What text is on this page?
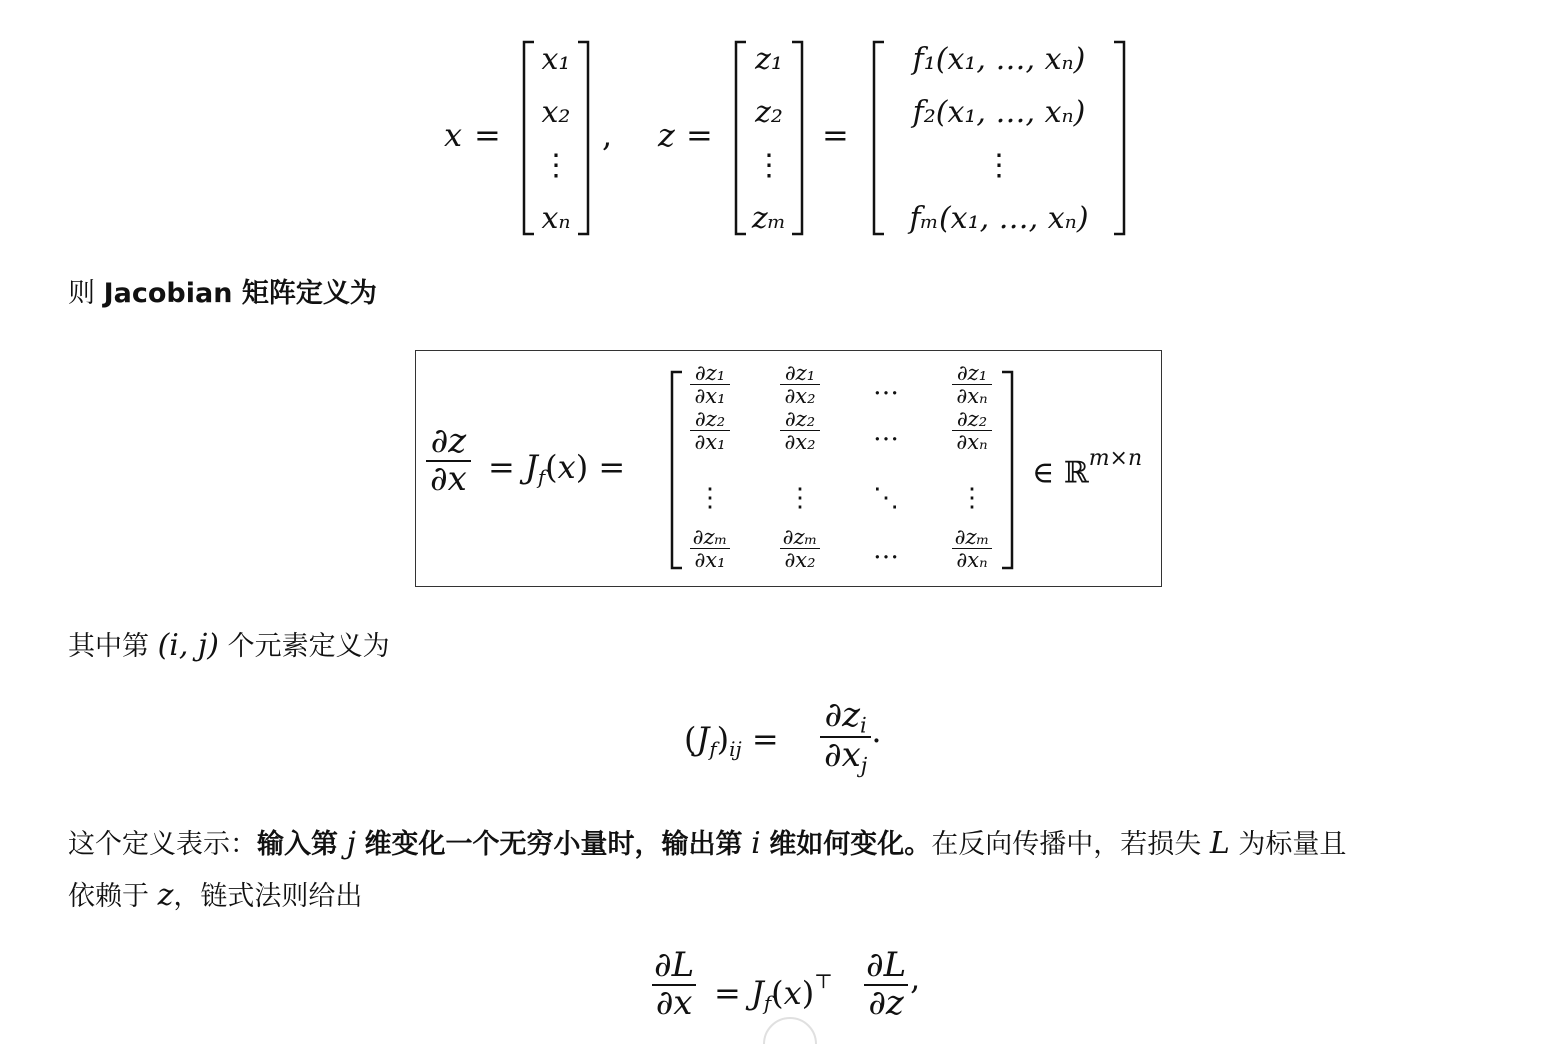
x =
x₁
x₂
⋮
xₙ
, z =
z₁
z₂
⋮
zₘ
=
f₁(x₁, …, xₙ)
f₂(x₁, …, xₙ)
⋮
fₘ(x₁, …, xₙ)
则 Jacobian 矩阵定义为
$\frac{\partial z}{\partial x} = J_f(x)$ =
$\frac{\text{∂z₁}}{\text{∂x₁}} \frac{\text{∂z₁}}{\text{∂x₂}}$	…	$\frac{\text{∂z₁}}{\text{∂xₙ}}$
$\frac{\text{∂z₂}}{\text{∂x₁}} \frac{\text{∂z₂}}{\text{∂x₂}}$	…	$\frac{\text{∂z₂}}{\text{∂xₙ}}$
⋮	⋮	⋱	⋮
$\frac{\text{∂zₘ}}{\text{∂x₁}} \frac{\text{∂zₘ}}{\text{∂x₂}}$	…	$\frac{\text{∂zₘ}}{\text{∂xₙ}}$
∈ ℝ$^{m\times n}$
其中第 (i, j) 个元素定义为
$(J_f)_{ij} = \frac{\partial z_i}{\partial x_j}$ .
这个定义表示：输入第 j 维变化一个无穷小量时，输出第 i 维如何变化。在反向传播中，若损失 L 为标量且
依赖于 z，链式法则给出
$\frac{\partial L}{\partial x} = J_f(x)^⊤ \frac{\partial L}{\partial z}$ ,
